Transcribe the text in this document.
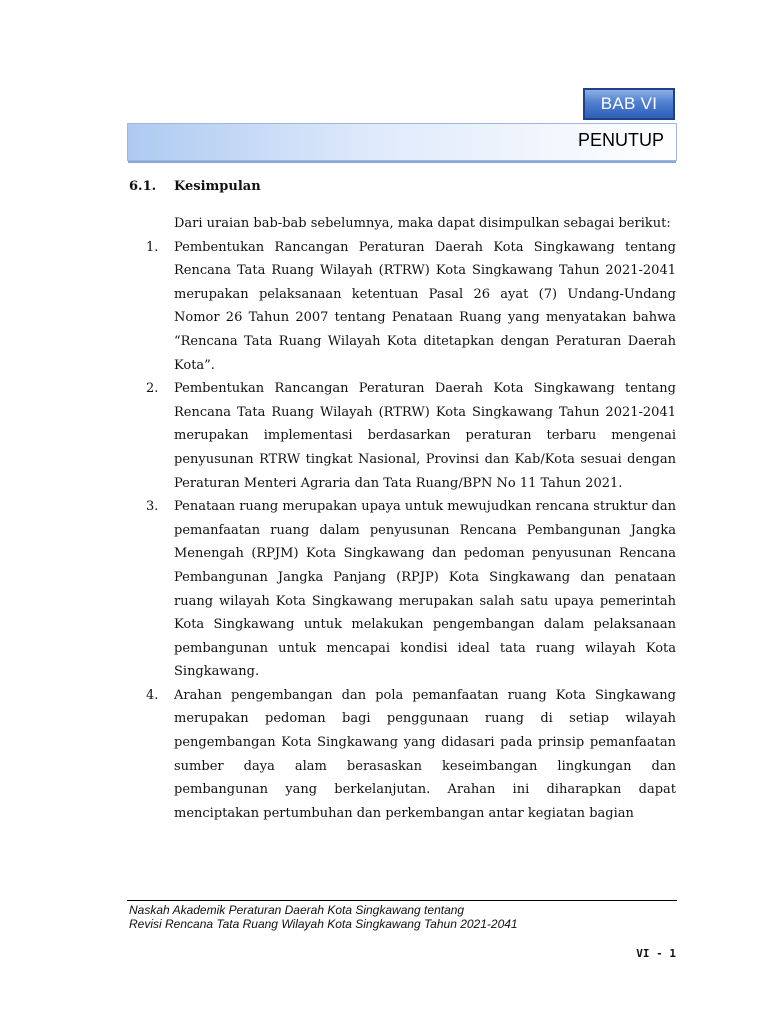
BAB VI
PENUTUP
6.1. Kesimpulan

Dari uraian bab-bab sebelumnya, maka dapat disimpulkan sebagai berikut:

1. Pembentukan Rancangan Peraturan Daerah Kota Singkawang tentang Rencana Tata Ruang Wilayah (RTRW) Kota Singkawang Tahun 2021-2041 merupakan pelaksanaan ketentuan Pasal 26 ayat (7) Undang-Undang Nomor 26 Tahun 2007 tentang Penataan Ruang yang menyatakan bahwa “Rencana Tata Ruang Wilayah Kota ditetapkan dengan Peraturan Daerah Kota”.
2. Pembentukan Rancangan Peraturan Daerah Kota Singkawang tentang Rencana Tata Ruang Wilayah (RTRW) Kota Singkawang Tahun 2021-2041 merupakan implementasi berdasarkan peraturan terbaru mengenai penyusunan RTRW tingkat Nasional, Provinsi dan Kab/Kota sesuai dengan Peraturan Menteri Agraria dan Tata Ruang/BPN No 11 Tahun 2021.
3. Penataan ruang merupakan upaya untuk mewujudkan rencana struktur dan pemanfaatan ruang dalam penyusunan Rencana Pembangunan Jangka Menengah (RPJM) Kota Singkawang dan pedoman penyusunan Rencana Pembangunan Jangka Panjang (RPJP) Kota Singkawang dan penataan ruang wilayah Kota Singkawang merupakan salah satu upaya pemerintah Kota Singkawang untuk melakukan pengembangan dalam pelaksanaan pembangunan untuk mencapai kondisi ideal tata ruang wilayah Kota Singkawang.
4. Arahan pengembangan dan pola pemanfaatan ruang Kota Singkawang merupakan pedoman bagi penggunaan ruang di setiap wilayah pengembangan Kota Singkawang yang didasari pada prinsip pemanfaatan sumber daya alam berasaskan keseimbangan lingkungan dan pembangunan yang berkelanjutan. Arahan ini diharapkan dapat menciptakan pertumbuhan dan perkembangan antar kegiatan bagian
Naskah Akademik Peraturan Daerah Kota Singkawang tentang
Revisi Rencana Tata Ruang Wilayah Kota Singkawang Tahun 2021-2041
VI - 1
